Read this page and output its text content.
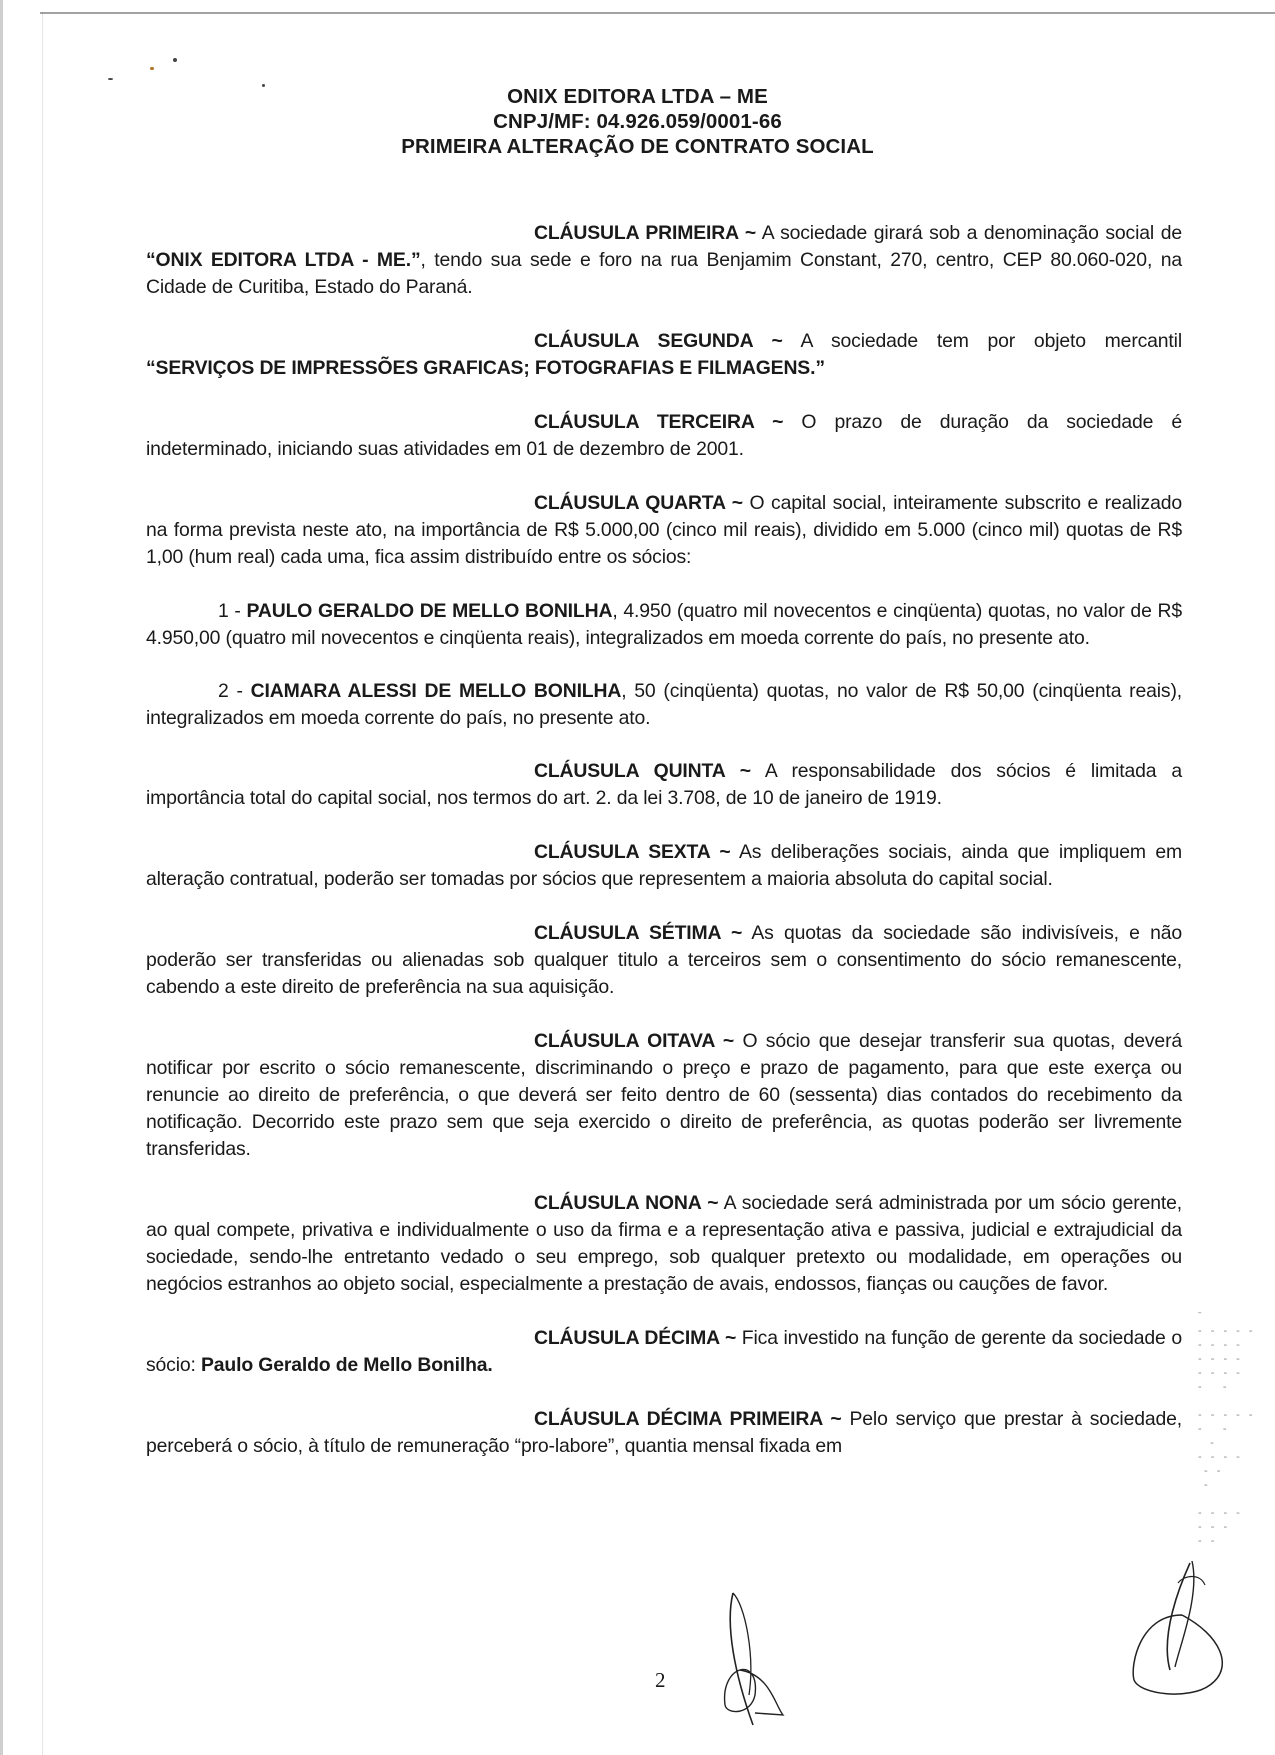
ONIX EDITORA LTDA – ME
CNPJ/MF: 04.926.059/0001-66
PRIMEIRA ALTERAÇÃO DE CONTRATO SOCIAL

CLÁUSULA PRIMEIRA ~ A sociedade girará sob a denominação social de “ONIX EDITORA LTDA - ME.”, tendo sua sede e foro na rua Benjamim Constant, 270, centro, CEP 80.060-020, na Cidade de Curitiba, Estado do Paraná.

CLÁUSULA SEGUNDA ~ A sociedade tem por objeto mercantil “SERVIÇOS DE IMPRESSÕES GRAFICAS; FOTOGRAFIAS E FILMAGENS.”

CLÁUSULA TERCEIRA ~ O prazo de duração da sociedade é indeterminado, iniciando suas atividades em 01 de dezembro de 2001.

CLÁUSULA QUARTA ~ O capital social, inteiramente subscrito e realizado na forma prevista neste ato, na importância de R$ 5.000,00 (cinco mil reais), dividido em 5.000 (cinco mil) quotas de R$ 1,00 (hum real) cada uma, fica assim distribuído entre os sócios:

1 - PAULO GERALDO DE MELLO BONILHA, 4.950 (quatro mil novecentos e cinqüenta) quotas, no valor de R$ 4.950,00 (quatro mil novecentos e cinqüenta reais), integralizados em moeda corrente do país, no presente ato.

2 - CIAMARA ALESSI DE MELLO BONILHA, 50 (cinqüenta) quotas, no valor de R$ 50,00 (cinqüenta reais), integralizados em moeda corrente do país, no presente ato.

CLÁUSULA QUINTA ~ A responsabilidade dos sócios é limitada a importância total do capital social, nos termos do art. 2. da lei 3.708, de 10 de janeiro de 1919.

CLÁUSULA SEXTA ~ As deliberações sociais, ainda que impliquem em alteração contratual, poderão ser tomadas por sócios que representem a maioria absoluta do capital social.

CLÁUSULA SÉTIMA ~ As quotas da sociedade são indivisíveis, e não poderão ser transferidas ou alienadas sob qualquer titulo a terceiros sem o consentimento do sócio remanescente, cabendo a este direito de preferência na sua aquisição.

CLÁUSULA OITAVA ~ O sócio que desejar transferir sua quotas, deverá notificar por escrito o sócio remanescente, discriminando o preço e prazo de pagamento, para que este exerça ou renuncie ao direito de preferência, o que deverá ser feito dentro de 60 (sessenta) dias contados do recebimento da notificação. Decorrido este prazo sem que seja exercido o direito de preferência, as quotas poderão ser livremente transferidas.

CLÁUSULA NONA ~ A sociedade será administrada por um sócio gerente, ao qual compete, privativa e individualmente o uso da firma e a representação ativa e passiva, judicial e extrajudicial da sociedade, sendo-lhe entretanto vedado o seu emprego, sob qualquer pretexto ou modalidade, em operações ou negócios estranhos ao objeto social, especialmente a prestação de avais, endossos, fianças ou cauções de favor.

CLÁUSULA DÉCIMA ~ Fica investido na função de gerente da sociedade o sócio: Paulo Geraldo de Mello Bonilha.

CLÁUSULA DÉCIMA PRIMEIRA ~ Pelo serviço que prestar à sociedade, perceberá o sócio, à título de remuneração “pro-labore”, quantia mensal fixada em

ˉ
‐ ‐ ‐ ‐ ‐
‐ ‐ ‐ ‐
‐ ‐ ‐ ‐
‐ ‐ ‐ ‐
‐   ‐

‐ ‐ ‐ ‐ ‐
‐   ‐
‐
‐ ‐ ‐ ‐
‐ ‐
‐

‐ ‐ ‐ ‐
‐ ‐ ‐
‐ ‐
2
